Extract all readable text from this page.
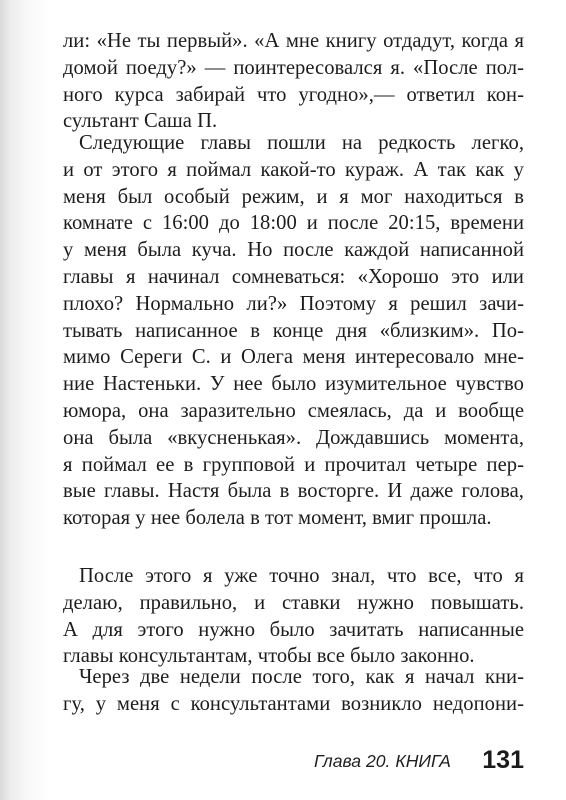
ли: «Не ты первый». «А мне книгу отдадут, когда я

домой поеду?» — поинтересовался я. «После пол-

ного курса забирай что угодно»,— ответил кон-

сультант Саша П.

Следующие главы пошли на редкость легко,

и от этого я поймал какой-то кураж. А так как у

меня был особый режим, и я мог находиться в

комнате с 16:00 до 18:00 и после 20:15, времени

у меня была куча. Но после каждой написанной

главы я начинал сомневаться: «Хорошо это или

плохо? Нормально ли?» Поэтому я решил зачи-

тывать написанное в конце дня «близким». По-

мимо Сереги С. и Олега меня интересовало мне-

ние Настеньки. У нее было изумительное чувство

юмора, она заразительно смеялась, да и вообще

она была «вкусненькая». Дождавшись момента,

я поймал ее в групповой и прочитал четыре пер-

вые главы. Настя была в восторге. И даже голова,

которая у нее болела в тот момент, вмиг прошла.

После этого я уже точно знал, что все, что я

делаю, правильно, и ставки нужно повышать.

А для этого нужно было зачитать написанные

главы консультантам, чтобы все было законно.

Через две недели после того, как я начал кни-

гу, у меня с консультантами возникло недопони-

Глава 20. КНИГА 131
